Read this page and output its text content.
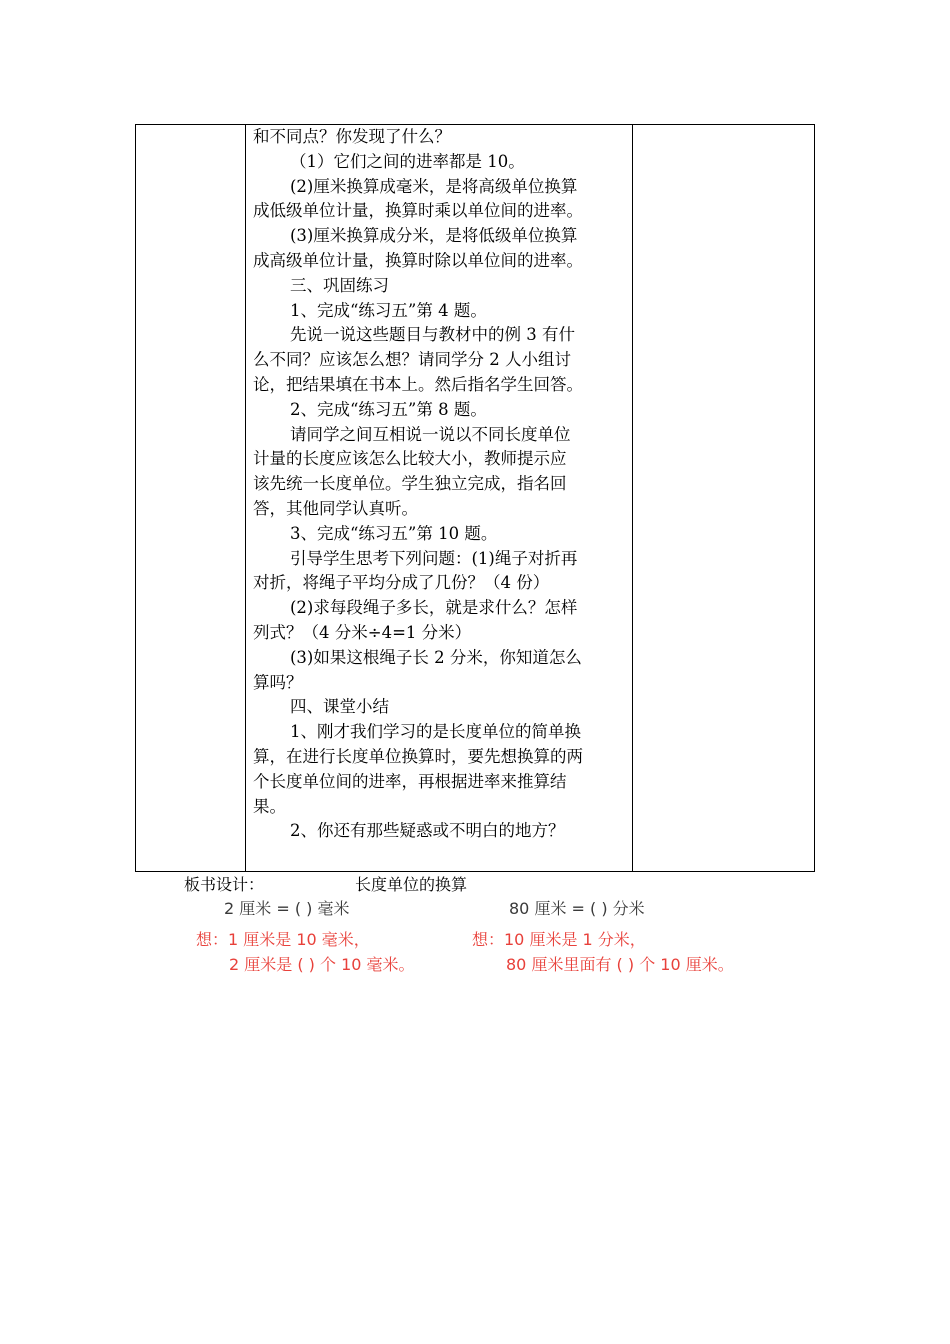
和不同点？你发现了什么？
（1）它们之间的进率都是 10。
(2)厘米换算成毫米，是将高级单位换算
成低级单位计量，换算时乘以单位间的进率。
(3)厘米换算成分米，是将低级单位换算
成高级单位计量，换算时除以单位间的进率。
三、巩固练习
1、完成“练习五”第 4 题。
先说一说这些题目与教材中的例 3 有什
么不同？应该怎么想？请同学分 2 人小组讨
论，把结果填在书本上。然后指名学生回答。
2、完成“练习五”第 8 题。
请同学之间互相说一说以不同长度单位
计量的长度应该怎么比较大小，教师提示应
该先统一长度单位。学生独立完成，指名回
答，其他同学认真听。
3、完成“练习五”第 10 题。
引导学生思考下列问题：(1)绳子对折再
对折，将绳子平均分成了几份？（4 份）
(2)求每段绳子多长，就是求什么？怎样
列式？（4 分米÷4=1 分米）
(3)如果这根绳子长 2 分米，你知道怎么
算吗？
四、课堂小结
1、刚才我们学习的是长度单位的简单换
算，在进行长度单位换算时，要先想换算的两
个长度单位间的进率，再根据进率来推算结
果。
2、你还有那些疑惑或不明白的地方？
板书设计：	长度单位的换算
2 厘米 = ( ) 毫米	80 厘米 = ( ) 分米
想：1 厘米是 10 毫米，
2 厘米是 ( ) 个 10 毫米。
想：10 厘米是 1 分米，
80 厘米里面有 ( ) 个 10 厘米。
